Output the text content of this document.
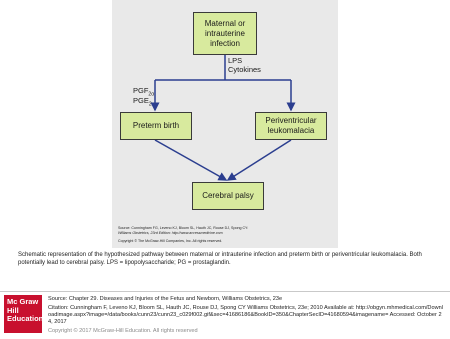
Maternal or intrauterine infection
LPS
Cytokines
$PGF_{2\alpha}$
$PGE_2$
Preterm birth
Periventricular leukomalacia
Cerebral palsy
Source: Cunningham FG, Leveno KJ, Bloom SL, Hauth JC, Rouse DJ, Spong CY:
Williams Obstetrics, 23rd Edition: http://www.accessmedicine.com
Copyright © The McGraw-Hill Companies, Inc. All rights reserved.
Schematic representation of the hypothesized pathway between maternal or intrauterine infection and preterm birth or periventricular leukomalacia. Both potentially lead to cerebral palsy. LPS = lipopolysaccharide; PG = prostaglandin.
Mc Graw Hill Education
Source: Chapter 29. Diseases and Injuries of the Fetus and Newborn, Williams Obstetrics, 23e
Citation: Cunningham F, Leveno KJ, Bloom SL, Hauth JC, Rouse DJ, Spong CY Williams Obstetrics, 23e; 2010 Available at: http://obgyn.mhmedical.com/Downloadimage.aspx?image=/data/books/cunn23/cunn23_c029f002.gif&sec=41686186&BookID=350&ChapterSecID=41680594&imagename= Accessed: October 24, 2017
Copyright © 2017 McGraw-Hill Education. All rights reserved
